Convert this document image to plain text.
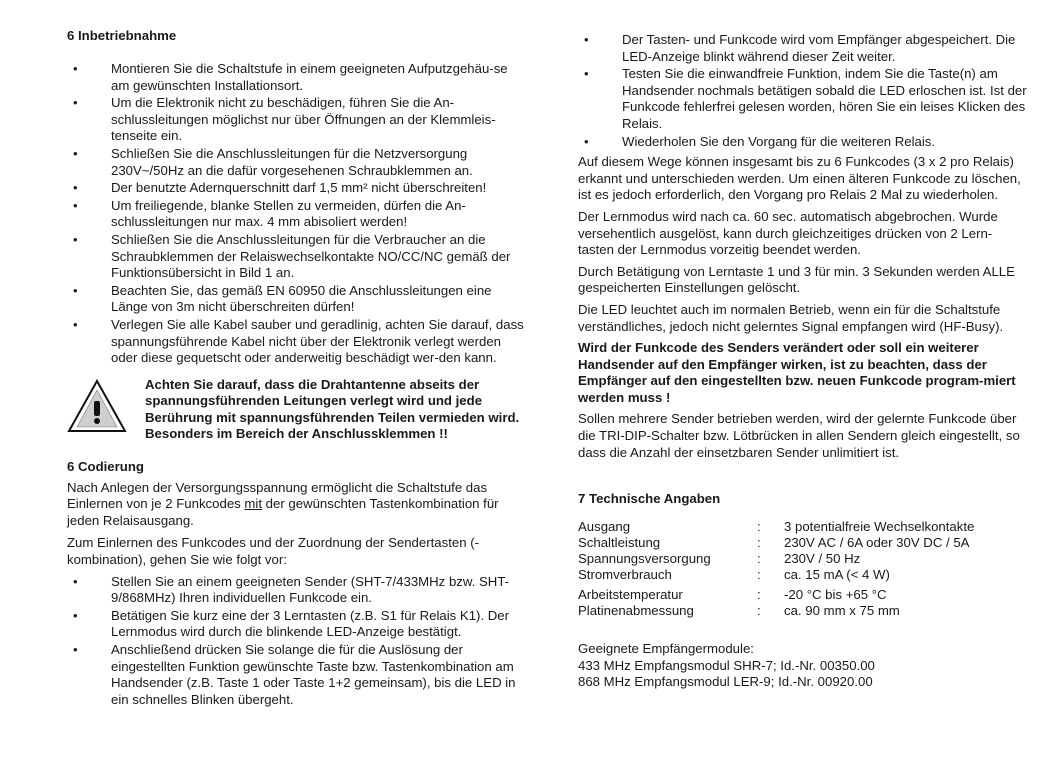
6 Inbetriebnahme
• Montieren Sie die Schaltstufe in einem geeigneten Aufputzgehäu-se am gewünschten Installationsort.
• Um die Elektronik nicht zu beschädigen, führen Sie die An-schlussleitungen möglichst nur über Öffnungen an der Klemmleis-tenseite ein.
• Schließen Sie die Anschlussleitungen für die Netzversorgung 230V~/50Hz an die dafür vorgesehenen Schraubklemmen an.
• Der benutzte Adernquerschnitt darf 1,5 mm² nicht überschreiten!
• Um freiliegende, blanke Stellen zu vermeiden, dürfen die An-schlussleitungen nur max. 4 mm abisoliert werden!
• Schließen Sie die Anschlussleitungen für die Verbraucher an die Schraubklemmen der Relaiswechselkontakte NO/CC/NC gemäß der Funktionsübersicht in Bild 1 an.
• Beachten Sie, das gemäß EN 60950 die Anschlussleitungen eine Länge von 3m nicht überschreiten dürfen!
• Verlegen Sie alle Kabel sauber und geradlinig, achten Sie darauf, dass spannungsführende Kabel nicht über der Elektronik verlegt werden oder diese gequetscht oder anderweitig beschädigt wer-den kann.

Achten Sie darauf, dass die Drahtantenne abseits der spannungsführenden Leitungen verlegt wird und jede Berührung mit spannungsführenden Teilen vermieden wird. Besonders im Bereich der Anschlussklemmen !!

6 Codierung

Nach Anlegen der Versorgungsspannung ermöglicht die Schaltstufe das Einlernen von je 2 Funkcodes mit der gewünschten Tastenkombination für jeden Relaisausgang.

Zum Einlernen des Funkcodes und der Zuordnung der Sendertasten (-kombination), gehen Sie wie folgt vor:

• Stellen Sie an einem geeigneten Sender (SHT-7/433MHz bzw. SHT-9/868MHz) Ihren individuellen Funkcode ein.
• Betätigen Sie kurz eine der 3 Lerntasten (z.B. S1 für Relais K1). Der Lernmodus wird durch die blinkende LED-Anzeige bestätigt.
• Anschließend drücken Sie solange die für die Auslösung der eingestellten Funktion gewünschte Taste bzw. Tastenkombination am Handsender (z.B. Taste 1 oder Taste 1+2 gemeinsam), bis die LED in ein schnelles Blinken übergeht.
• Der Tasten- und Funkcode wird vom Empfänger abgespeichert. Die LED-Anzeige blinkt während dieser Zeit weiter.
• Testen Sie die einwandfreie Funktion, indem Sie die Taste(n) am Handsender nochmals betätigen sobald die LED erloschen ist. Ist der Funkcode fehlerfrei gelesen worden, hören Sie ein leises Klicken des Relais.
• Wiederholen Sie den Vorgang für die weiteren Relais.

Auf diesem Wege können insgesamt bis zu 6 Funkcodes (3 x 2 pro Relais) erkannt und unterschieden werden. Um einen älteren Funkcode zu löschen, ist es jedoch erforderlich, den Vorgang pro Relais 2 Mal zu wiederholen.

Der Lernmodus wird nach ca. 60 sec. automatisch abgebrochen. Wurde versehentlich ausgelöst, kann durch gleichzeitiges drücken von 2 Lern-tasten der Lernmodus vorzeitig beendet werden.

Durch Betätigung von Lerntaste 1 und 3 für min. 3 Sekunden werden ALLE gespeicherten Einstellungen gelöscht.

Die LED leuchtet auch im normalen Betrieb, wenn ein für die Schaltstufe verständliches, jedoch nicht gelerntes Signal empfangen wird (HF-Busy).

Wird der Funkcode des Senders verändert oder soll ein weiterer Handsender auf den Empfänger wirken, ist zu beachten, dass der Empfänger auf den eingestellten bzw. neuen Funkcode program-miert werden muss !

Sollen mehrere Sender betrieben werden, wird der gelernte Funkcode über die TRI-DIP-Schalter bzw. Lötbrücken in allen Sendern gleich eingestellt, so dass die Anzahl der einsetzbaren Sender unlimitiert ist.

7 Technische Angaben
Ausgang	:	3 potentialfreie Wechselkontakte
Schaltleistung	:	230V AC / 6A oder 30V DC / 5A
Spannungsversorgung	:	230V / 50 Hz
Stromverbrauch	:	ca. 15 mA (< 4 W)
Arbeitstemperatur	:	-20 °C bis +65 °C
Platinenabmessung	:	ca. 90 mm x 75 mm

Geeignete Empfängermodule:

433 MHz Empfangsmodul SHR-7; Id.-Nr. 00350.00

868 MHz Empfangsmodul LER-9; Id.-Nr. 00920.00
